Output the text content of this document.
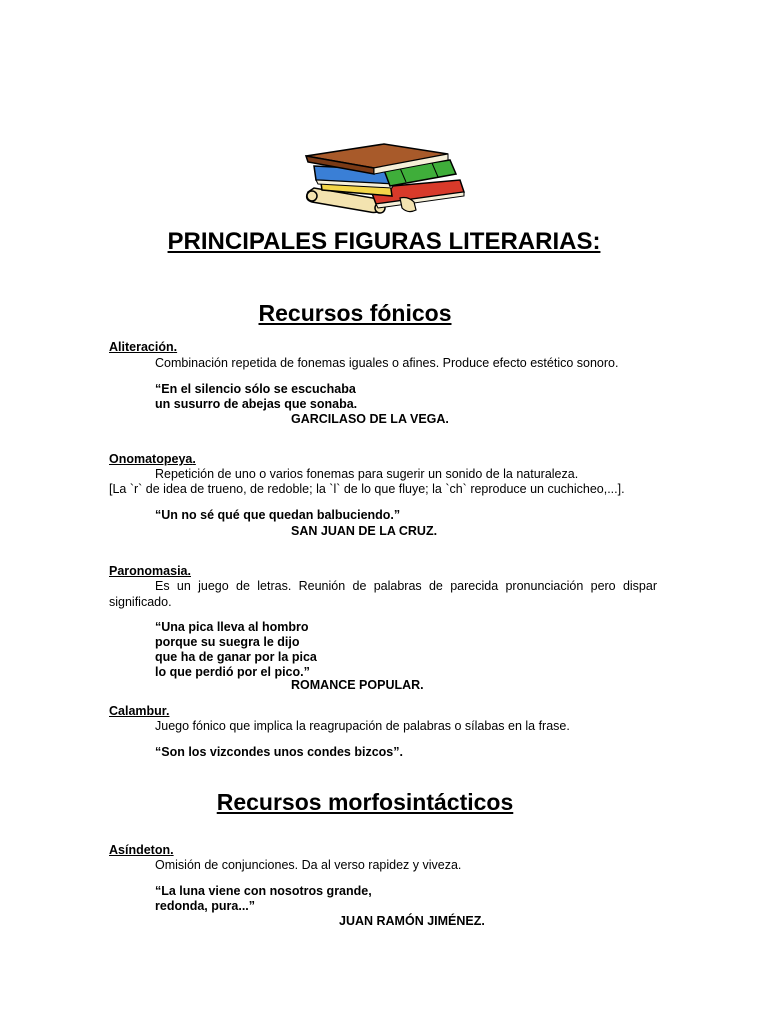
PRINCIPALES FIGURAS LITERARIAS:
Recursos fónicos
Aliteración.
Combinación repetida de fonemas iguales o afines. Produce efecto estético sonoro.
“En el silencio sólo se escuchaba
un susurro de abejas que sonaba.
GARCILASO DE LA VEGA.
Onomatopeya.
Repetición de uno o varios fonemas para sugerir un sonido de la naturaleza.
[La `r` de idea de trueno, de redoble; la `l` de lo que fluye; la `ch` reproduce un cuchicheo,...].
“Un no sé qué que quedan balbuciendo.”
SAN JUAN DE LA CRUZ.
Paronomasia.
Es un juego de letras. Reunión de palabras de parecida pronunciación pero dispar significado.
“Una pica lleva al hombro
porque su suegra le dijo
que ha de ganar por la pica
lo que perdió por el pico.”
ROMANCE POPULAR.
Calambur.
Juego fónico que implica la reagrupación de palabras o sílabas en la frase.
“Son los vizcondes unos condes bizcos”.
Recursos morfosintácticos
Asíndeton.
Omisión de conjunciones. Da al verso rapidez y viveza.
“La luna viene con nosotros grande,
redonda, pura...”
JUAN RAMÓN JIMÉNEZ.
